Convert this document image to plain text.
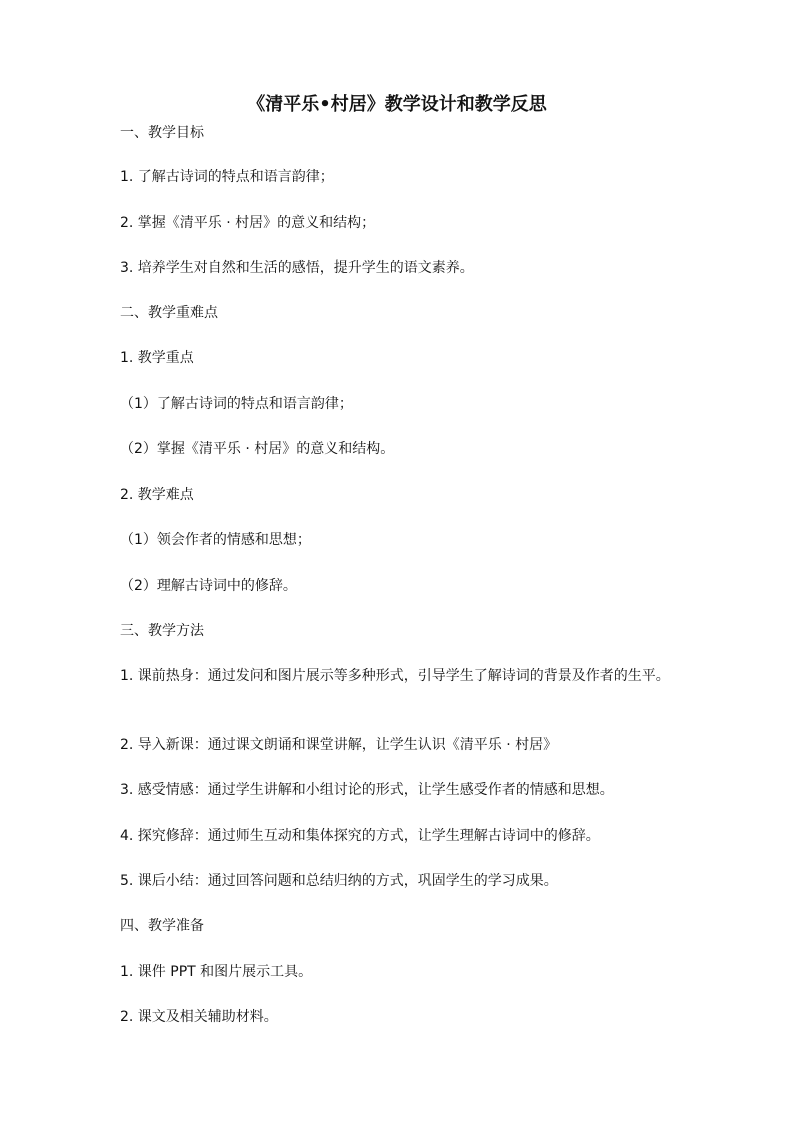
《清平乐•村居》教学设计和教学反思
一、教学目标
1. 了解古诗词的特点和语言韵律；
2. 掌握《清平乐 · 村居》的意义和结构；
3. 培养学生对自然和生活的感悟，提升学生的语文素养。
二、教学重难点
1. 教学重点
（1）了解古诗词的特点和语言韵律；
（2）掌握《清平乐 · 村居》的意义和结构。
2. 教学难点
（1）领会作者的情感和思想；
（2）理解古诗词中的修辞。
三、教学方法
1. 课前热身：通过发问和图片展示等多种形式，引导学生了解诗词的背景及作者的生平。
2. 导入新课：通过课文朗诵和课堂讲解，让学生认识《清平乐 · 村居》
3. 感受情感：通过学生讲解和小组讨论的形式，让学生感受作者的情感和思想。
4. 探究修辞：通过师生互动和集体探究的方式，让学生理解古诗词中的修辞。
5. 课后小结：通过回答问题和总结归纳的方式，巩固学生的学习成果。
四、教学准备
1. 课件 PPT 和图片展示工具。
2. 课文及相关辅助材料。
